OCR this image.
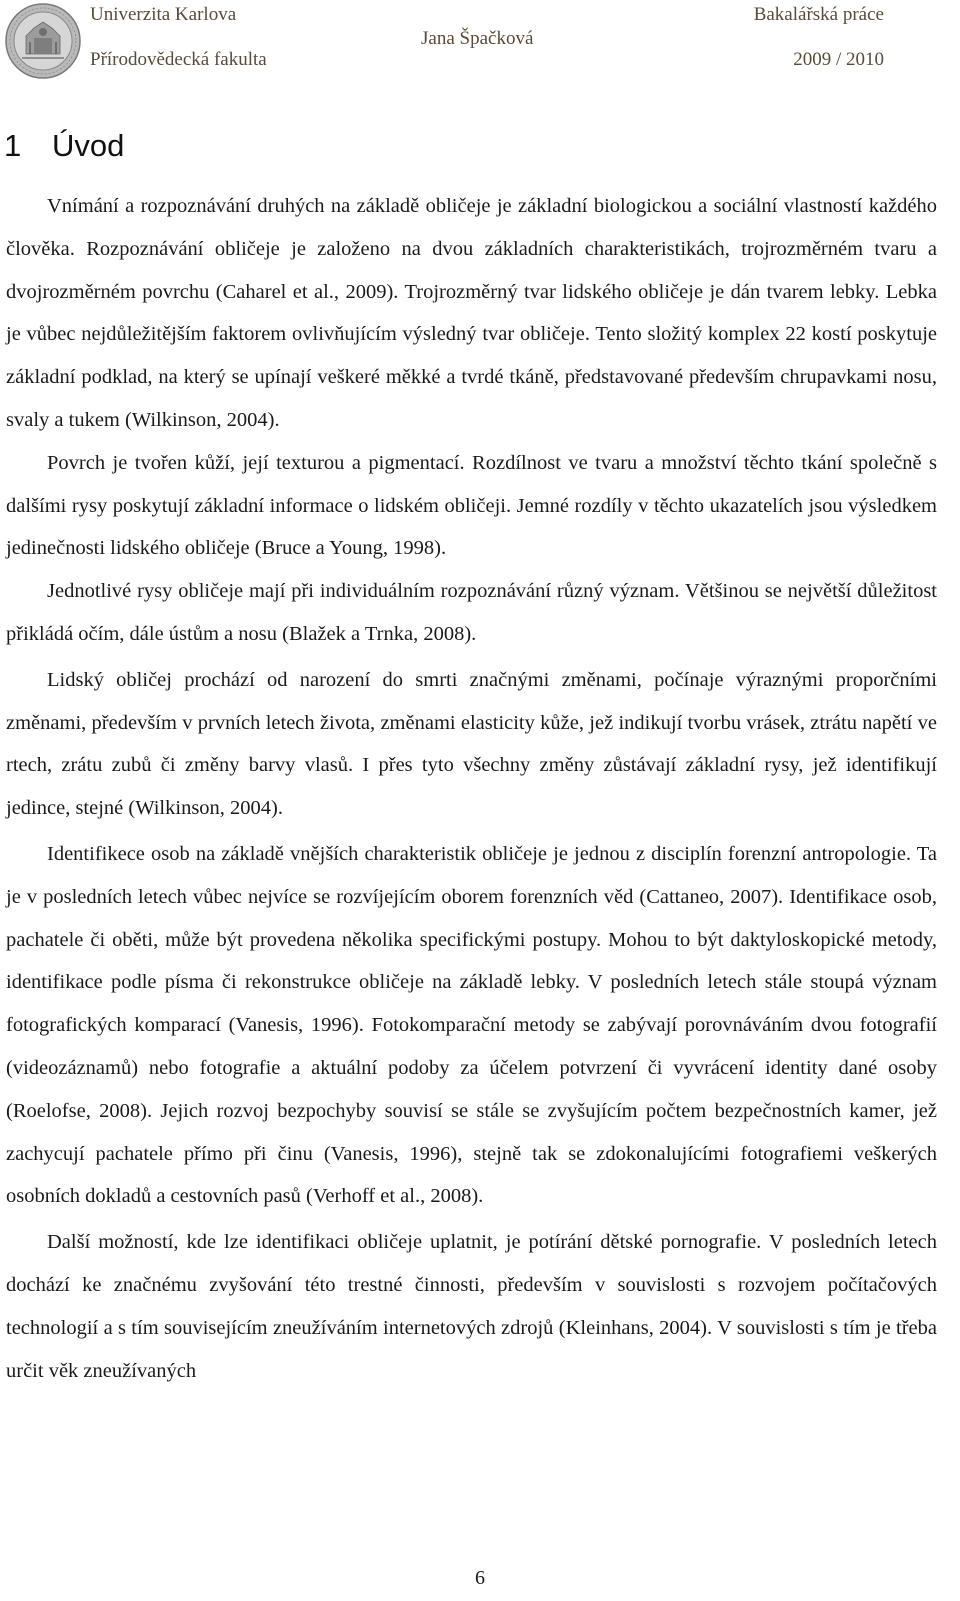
Univerzita Karlova
Přírodovědecká fakulta
Jana Špačková
Bakalářská práce
2009 / 2010
1 Úvod

Vnímání a rozpoznávání druhých na základě obličeje je základní biologickou a sociální vlastností každého člověka. Rozpoznávání obličeje je založeno na dvou základních charakteristikách, trojrozměrném tvaru a dvojrozměrném povrchu (Caharel et al., 2009). Trojrozměrný tvar lidského obličeje je dán tvarem lebky. Lebka je vůbec nejdůležitějším faktorem ovlivňujícím výsledný tvar obličeje. Tento složitý komplex 22 kostí poskytuje základní podklad, na který se upínají veškeré měkké a tvrdé tkáně, představované především chrupavkami nosu, svaly a tukem (Wilkinson, 2004).

Povrch je tvořen kůží, její texturou a pigmentací. Rozdílnost ve tvaru a množství těchto tkání společně s dalšími rysy poskytují základní informace o lidském obličeji. Jemné rozdíly v těchto ukazatelích jsou výsledkem jedinečnosti lidského obličeje (Bruce a Young, 1998).

Jednotlivé rysy obličeje mají při individuálním rozpoznávání různý význam. Většinou se největší důležitost přikládá očím, dále ústům a nosu (Blažek a Trnka, 2008).

Lidský obličej prochází od narození do smrti značnými změnami, počínaje výraznými proporčními změnami, především v prvních letech života, změnami elasticity kůže, jež indikují tvorbu vrásek, ztrátu napětí ve rtech, zrátu zubů či změny barvy vlasů. I přes tyto všechny změny zůstávají základní rysy, jež identifikují jedince, stejné (Wilkinson, 2004).

Identifikece osob na základě vnějších charakteristik obličeje je jednou z disciplín forenzní antropologie. Ta je v posledních letech vůbec nejvíce se rozvíjejícím oborem forenzních věd (Cattaneo, 2007). Identifikace osob, pachatele či oběti, může být provedena několika specifickými postupy. Mohou to být daktyloskopické metody, identifikace podle písma či rekonstrukce obličeje na základě lebky. V posledních letech stále stoupá význam fotografických komparací (Vanesis, 1996). Fotokomparační metody se zabývají porovnáváním dvou fotografií (videozáznamů) nebo fotografie a aktuální podoby za účelem potvrzení či vyvrácení identity dané osoby (Roelofse, 2008). Jejich rozvoj bezpochyby souvisí se stále se zvyšujícím počtem bezpečnostních kamer, jež zachycují pachatele přímo při činu (Vanesis, 1996), stejně tak se zdokonalujícími fotografiemi veškerých osobních dokladů a cestovních pasů (Verhoff et al., 2008).

Další možností, kde lze identifikaci obličeje uplatnit, je potírání dětské pornografie. V posledních letech dochází ke značnému zvyšování této trestné činnosti, především v souvislosti s rozvojem počítačových technologií a s tím souvisejícím zneužíváním internetových zdrojů (Kleinhans, 2004). V souvislosti s tím je třeba určit věk zneužívaných

6
